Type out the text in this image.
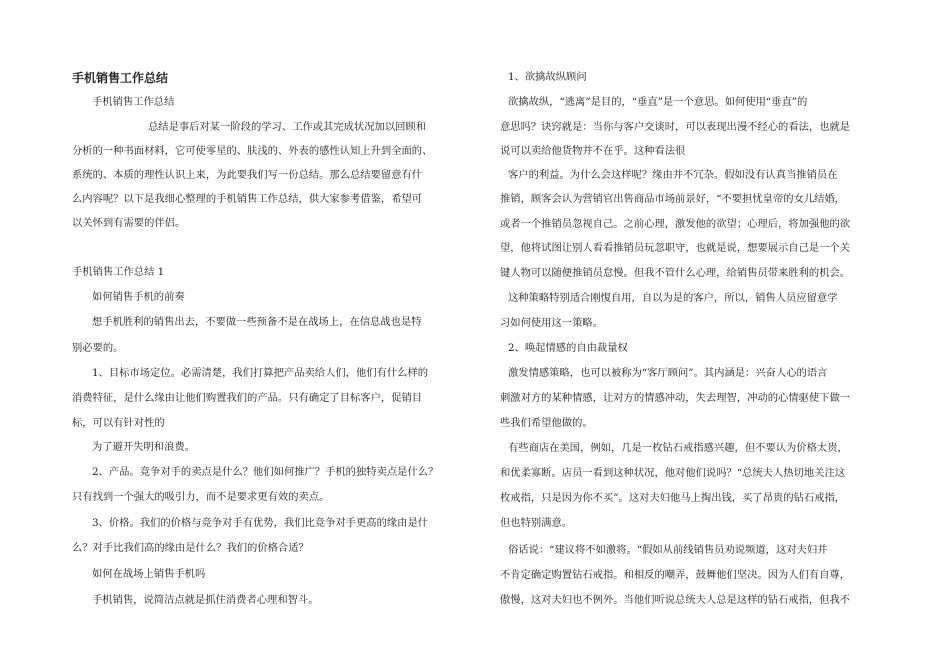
手机销售工作总结
手机销售工作总结
总结是事后对某一阶段的学习、工作或其完成状况加以回顾和
分析的一种书面材料，它可使零星的、肤浅的、外表的感性认知上升到全面的、
系统的、本质的理性认识上来，为此要我们写一份总结。那么总结要留意有什
么内容呢？以下是我细心整理的手机销售工作总结，供大家参考借鉴，希望可
以关怀到有需要的伴侣。
手机销售工作总结 1
如何销售手机的前奏
想手机胜利的销售出去，不要做一些预备不是在战场上，在信息战也是特
别必要的。
1、目标市场定位。必需清楚，我们打算把产品卖给人们，他们有什么样的
消费特征，是什么缘由让他们购置我们的产品。只有确定了目标客户，促销目
标，可以有针对性的
为了避开失明和浪费。
2、产品。竞争对手的卖点是什么？他们如何推广？手机的独特卖点是什么？
只有找到一个强大的吸引力，而不是要求更有效的卖点。
3、价格。我们的价格与竞争对手有优势，我们比竞争对手更高的缘由是什
么？对手比我们高的缘由是什么？我们的价格合适？
如何在战场上销售手机吗
手机销售，说简洁点就是抓住消费者心理和智斗。
1、欲擒故纵顾问
欲擒故纵，“逃离”是目的，“垂直”是一个意思。如何使用“垂直”的
意思吗？诀窍就是：当你与客户交谈时，可以表现出漫不经心的看法，也就是
说可以卖给他货物并不在乎。这种看法很
客户的利益。为什么会这样呢？缘由并不冗杂。假如没有认真当推销员在
推销，顾客会认为营销官出售商品市场前景好，“不要担忧皇帝的女儿结婚，
或者一个推销员忽视自己。之前心理，激发他的欲望；心理后，将加强他的欲
望，他将试图让别人看看推销员玩忽职守，也就是说，想要展示自己是一个关
键人物可以随便推销员怠慢。但我不管什么心理，给销售员带来胜利的机会。
这种策略特别适合刚愎自用，自以为是的客户，所以，销售人员应留意学
习如何使用这一策略。
2、唤起情感的自由裁量权
激发情感策略，也可以被称为“客厅顾问”。其内涵是：兴奋人心的语言
刺激对方的某种情感，让对方的情感冲动，失去理智，冲动的心情驱使下做一
些我们希望他做的。
有些商店在美国，例如，几是一枚钻石戒指感兴趣，但不要认为价格太贵，
和优柔寡断。店员一看到这种状况，他对他们说吗？“总统夫人热切地关注这
枚戒指，只是因为你不买”。这对夫妇他马上掏出钱，买了昂贵的钻石戒指，
但也特别满意。
俗话说：“建议将不如激将。“假如从前线销售员劝说频道，这对夫妇并
不肯定确定购置钻石戒指。和相反的嘲弄，鼓舞他们坚决。因为人们有自尊，
傲慢，这对夫妇也不例外。当他们听说总统夫人总是这样的钻石戒指，但我不
